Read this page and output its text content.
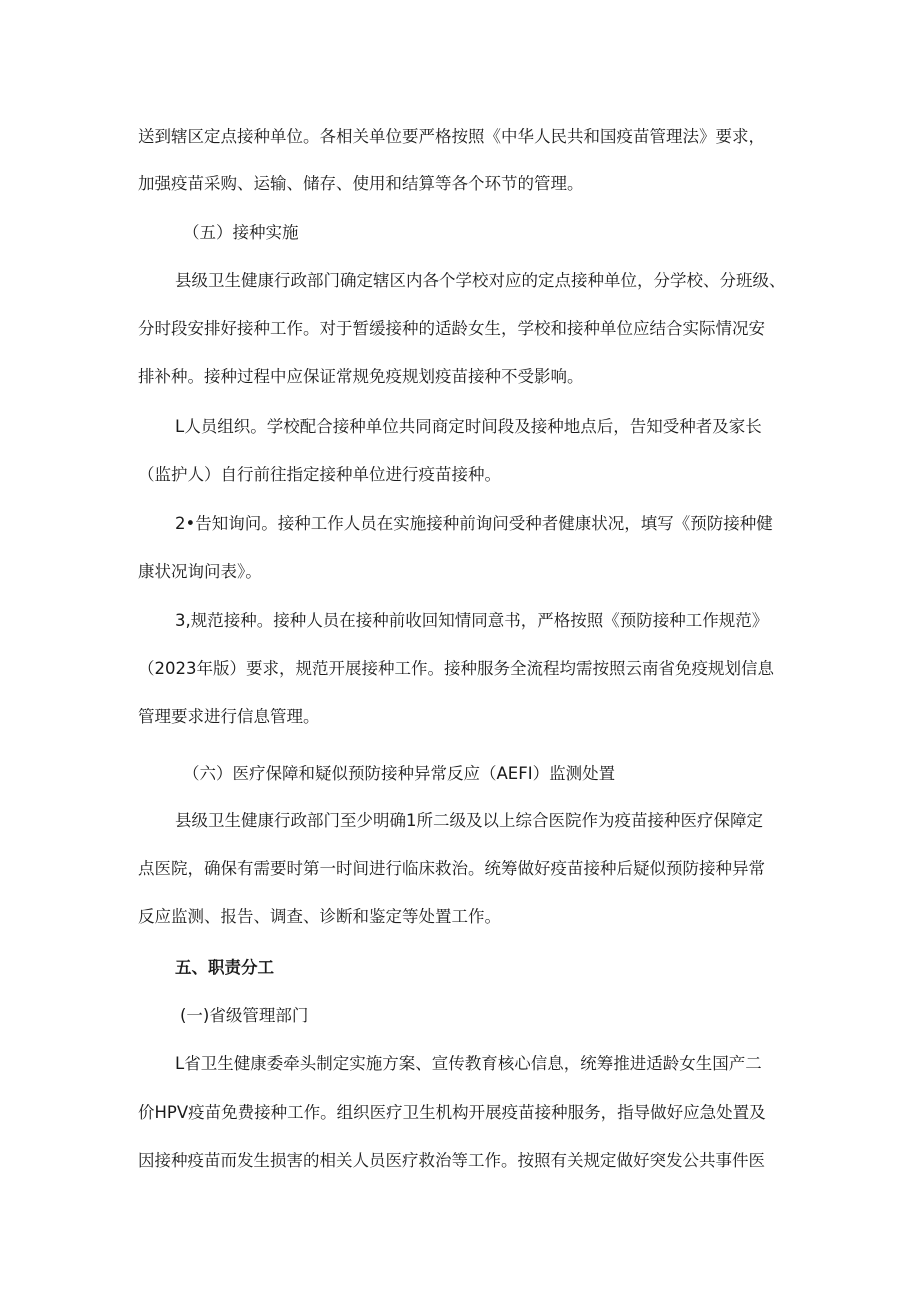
送到辖区定点接种单位。各相关单位要严格按照《中华人民共和国疫苗管理法》要求，
加强疫苗采购、运输、储存、使用和结算等各个环节的管理。
（五）接种实施
县级卫生健康行政部门确定辖区内各个学校对应的定点接种单位，分学校、分班级、
分时段安排好接种工作。对于暂缓接种的适龄女生，学校和接种单位应结合实际情况安
排补种。接种过程中应保证常规免疫规划疫苗接种不受影响。
L人员组织。学校配合接种单位共同商定时间段及接种地点后，告知受种者及家长
（监护人）自行前往指定接种单位进行疫苗接种。
2•告知询问。接种工作人员在实施接种前询问受种者健康状况，填写《预防接种健
康状况询问表》。
3,规范接种。接种人员在接种前收回知情同意书，严格按照《预防接种工作规范》
（2023年版）要求，规范开展接种工作。接种服务全流程均需按照云南省免疫规划信息
管理要求进行信息管理。
（六）医疗保障和疑似预防接种异常反应（AEFI）监测处置
县级卫生健康行政部门至少明确1所二级及以上综合医院作为疫苗接种医疗保障定
点医院，确保有需要时第一时间进行临床救治。统筹做好疫苗接种后疑似预防接种异常
反应监测、报告、调查、诊断和鉴定等处置工作。
五、职责分工
(一)省级管理部门
L省卫生健康委牵头制定实施方案、宣传教育核心信息，统筹推进适龄女生国产二
价HPV疫苗免费接种工作。组织医疗卫生机构开展疫苗接种服务，指导做好应急处置及
因接种疫苗而发生损害的相关人员医疗救治等工作。按照有关规定做好突发公共事件医
